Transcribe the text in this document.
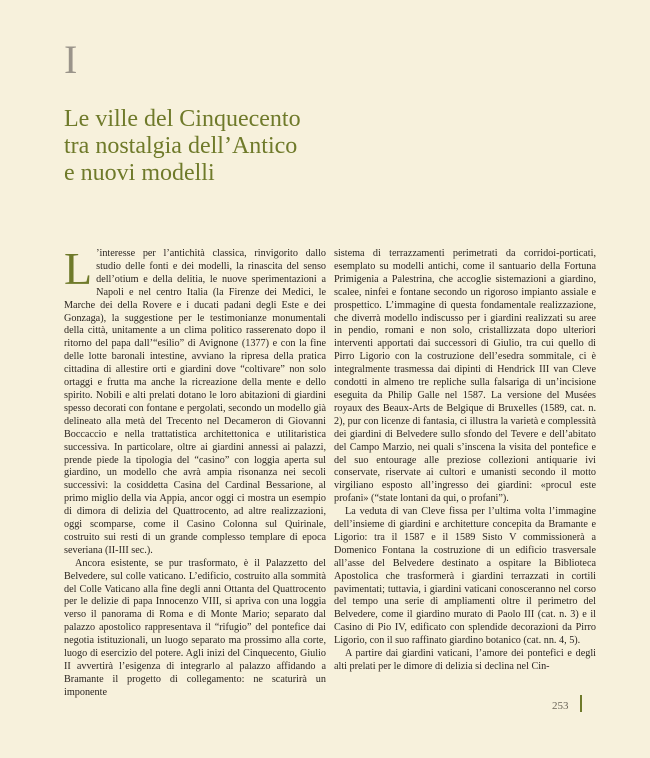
I
Le ville del Cinquecento
tra nostalgia dell’Antico
e nuovi modelli

L ’interesse per l’antichità classica, rinvigorito dallo studio delle fonti e dei modelli, la rinascita del senso dell’otium e della delitia, le nuove sperimentazioni a Napoli e nel centro Italia (la Firenze dei Medici, le Marche dei della Rovere e i ducati padani degli Este e dei Gonzaga), la suggestione per le testimonianze monumentali della città, unitamente a un clima politico rasserenato dopo il ritorno del papa dall’“esilio” di Avignone (1377) e con la fine delle lotte baronali intestine, avviano la ripresa della pratica cittadina di allestire orti e giardini dove “coltivare” non solo ortaggi e frutta ma anche la ricreazione della mente e dello spirito. Nobili e alti prelati dotano le loro abitazioni di giardini spesso decorati con fontane e pergolati, secondo un modello già delineato alla metà del Trecento nel Decameron di Giovanni Boccaccio e nella trattatistica architettonica e utilitaristica successiva. In particolare, oltre ai giardini annessi ai palazzi, prende piede la tipologia del “casino” con loggia aperta sul giardino, un modello che avrà ampia risonanza nei secoli successivi: la cosiddetta Casina del Cardinal Bessarione, al primo miglio della via Appia, ancor oggi ci mostra un esempio di dimora di delizia del Quattrocento, ad altre realizzazioni, oggi scomparse, come il Casino Colonna sul Quirinale, costruito sui resti di un grande complesso templare di epoca severiana (II-III sec.).

Ancora esistente, se pur trasformato, è il Palazzetto del Belvedere, sul colle vaticano. L’edificio, costruito alla sommità del Colle Vaticano alla fine degli anni Ottanta del Quattrocento per le delizie di papa Innocenzo VIII, si apriva con una loggia verso il panorama di Roma e di Monte Mario; separato dal palazzo apostolico rappresentava il “rifugio” del pontefice dai negotia istituzionali, un luogo separato ma prossimo alla corte, luogo di esercizio del potere. Agli inizi del Cinquecento, Giulio II avvertirà l’esigenza di integrarlo al palazzo affidando a Bramante il progetto di collegamento: ne scaturirà un imponente

sistema di terrazzamenti perimetrati da corridoi-porticati, esemplato su modelli antichi, come il santuario della Fortuna Primigenia a Palestrina, che accoglie sistemazioni a giardino, scalee, ninfei e fontane secondo un rigoroso impianto assiale e prospettico. L’immagine di questa fondamentale realizzazione, che diverrà modello indiscusso per i giardini realizzati su aree in pendio, romani e non solo, cristallizzata dopo ulteriori interventi apportati dai successori di Giulio, tra cui quello di Pirro Ligorio con la costruzione dell’esedra sommitale, ci è integralmente trasmessa dai dipinti di Hendrick III van Cleve condotti in almeno tre repliche sulla falsariga di un’incisione eseguita da Philip Galle nel 1587. La versione del Musées royaux des Beaux-Arts de Belgique di Bruxelles (1589, cat. n. 2), pur con licenze di fantasia, ci illustra la varietà e complessità dei giardini di Belvedere sullo sfondo del Tevere e dell’abitato del Campo Marzio, nei quali s’inscena la visita del pontefice e del suo entourage alle preziose collezioni antiquarie ivi conservate, riservate ai cultori e umanisti secondo il motto virgiliano esposto all’ingresso dei giardini: «procul este profani» (“state lontani da qui, o profani”).

La veduta di van Cleve fissa per l’ultima volta l’immagine dell’insieme di giardini e architetture concepita da Bramante e Ligorio: tra il 1587 e il 1589 Sisto V commissionerà a Domenico Fontana la costruzione di un edificio trasversale all’asse del Belvedere destinato a ospitare la Biblioteca Apostolica che trasformerà i giardini terrazzati in cortili pavimentati; tuttavia, i giardini vaticani conosceranno nel corso del tempo una serie di ampliamenti oltre il perimetro del Belvedere, come il giardino murato di Paolo III (cat. n. 3) e il Casino di Pio IV, edificato con splendide decorazioni da Pirro Ligorio, con il suo raffinato giardino botanico (cat. nn. 4, 5).

A partire dai giardini vaticani, l’amore dei pontefici e degli alti prelati per le dimore di delizia si declina nel Cin-

253
